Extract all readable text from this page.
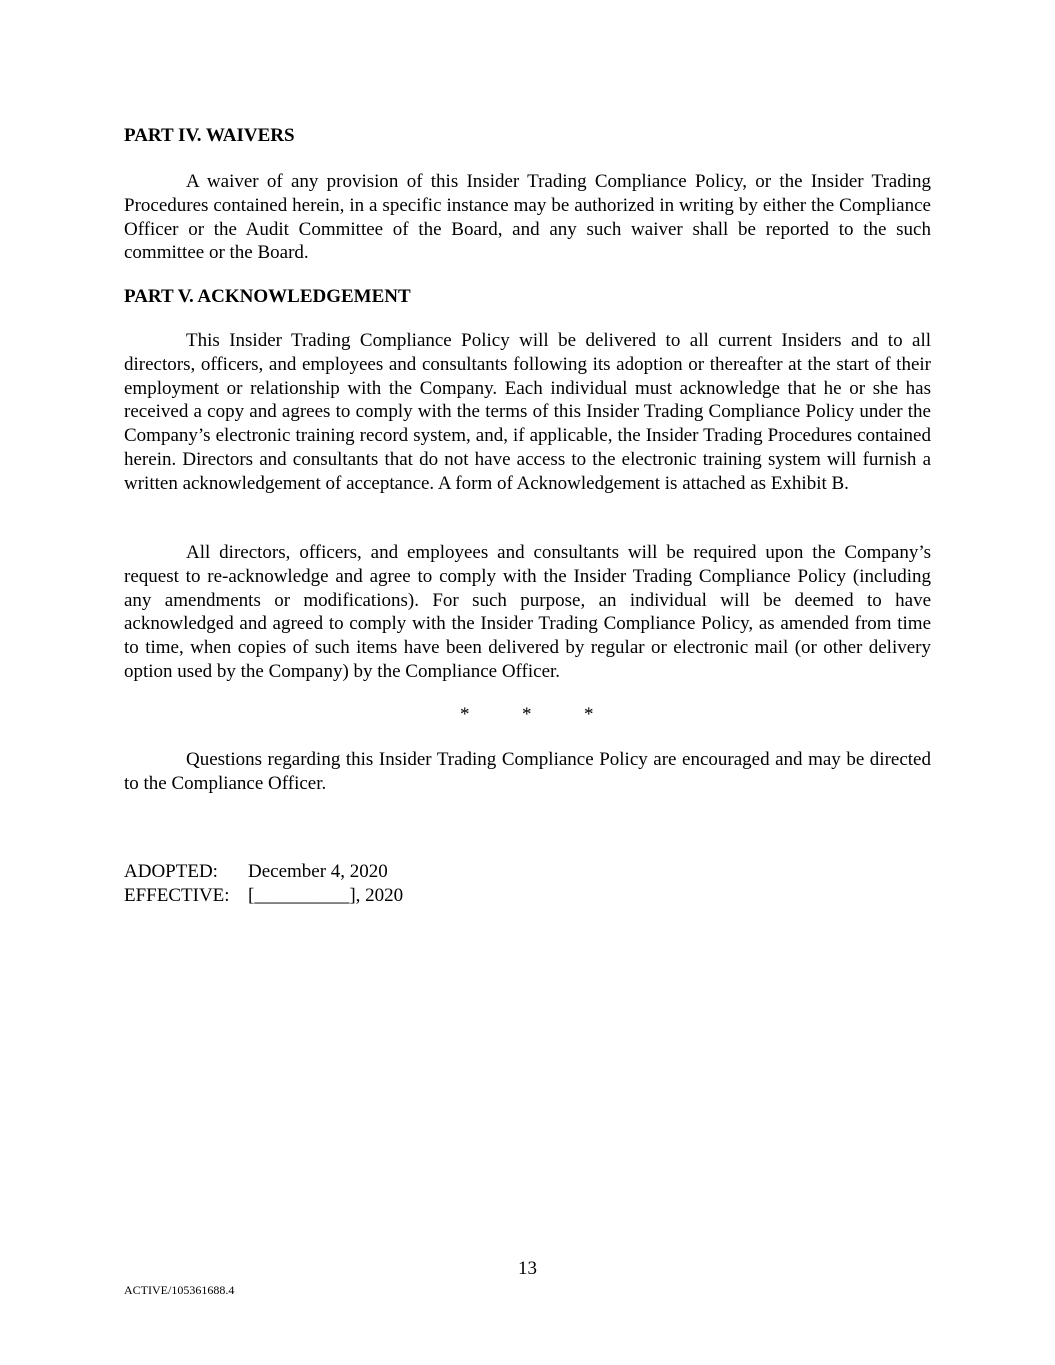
PART IV. WAIVERS

A waiver of any provision of this Insider Trading Compliance Policy, or the Insider Trading Procedures contained herein, in a specific instance may be authorized in writing by either the Compliance Officer or the Audit Committee of the Board, and any such waiver shall be reported to the such committee or the Board.

PART V. ACKNOWLEDGEMENT

This Insider Trading Compliance Policy will be delivered to all current Insiders and to all directors, officers, and employees and consultants following its adoption or thereafter at the start of their employment or relationship with the Company. Each individual must acknowledge that he or she has received a copy and agrees to comply with the terms of this Insider Trading Compliance Policy under the Company’s electronic training record system, and, if applicable, the Insider Trading Procedures contained herein. Directors and consultants that do not have access to the electronic training system will furnish a written acknowledgement of acceptance. A form of Acknowledgement is attached as Exhibit B.

All directors, officers, and employees and consultants will be required upon the Company’s request to re-acknowledge and agree to comply with the Insider Trading Compliance Policy (including any amendments or modifications). For such purpose, an individual will be deemed to have acknowledged and agreed to comply with the Insider Trading Compliance Policy, as amended from time to time, when copies of such items have been delivered by regular or electronic mail (or other delivery option used by the Company) by the Compliance Officer.

*	*	*

Questions regarding this Insider Trading Compliance Policy are encouraged and may be directed to the Compliance Officer.

ADOPTED: December 4, 2020
EFFECTIVE: [__________], 2020
13
ACTIVE/105361688.4
